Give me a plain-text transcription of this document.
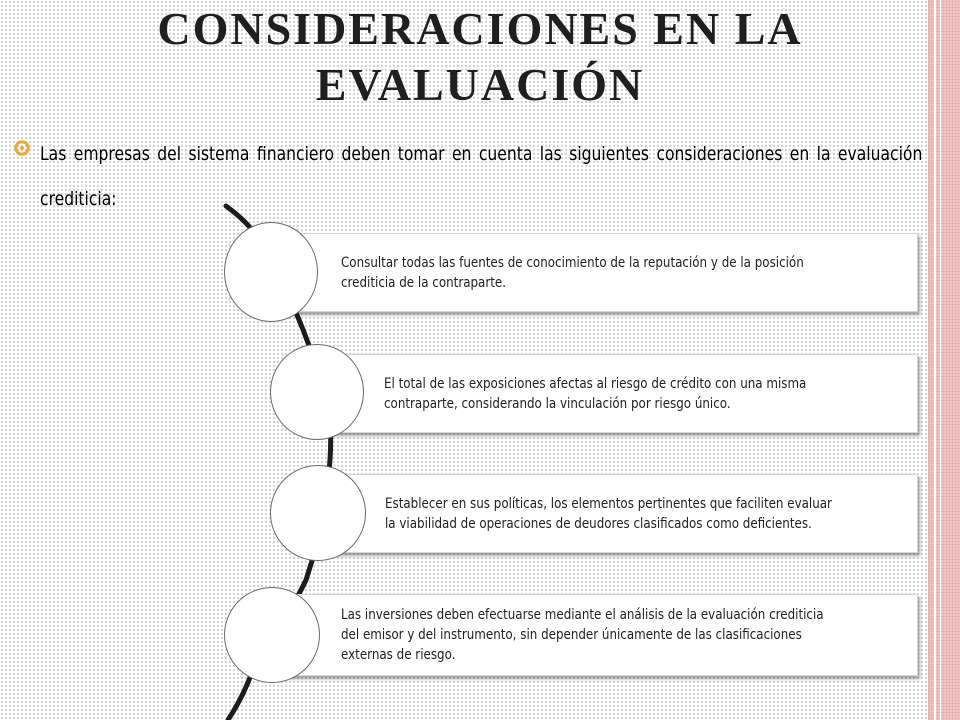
CONSIDERACIONES EN LA
EVALUACIÓN

Las empresas del sistema financiero deben tomar en cuenta las siguientes consideraciones en la evaluación crediticia:

Consultar todas las fuentes de conocimiento de la reputación y de la posición crediticia de la contraparte.
El total de las exposiciones afectas al riesgo de crédito con una misma contraparte, considerando la vinculación por riesgo único.
Establecer en sus políticas, los elementos pertinentes que faciliten evaluar la viabilidad de operaciones de deudores clasificados como deficientes.
Las inversiones deben efectuarse mediante el análisis de la evaluación crediticia del emisor y del instrumento, sin depender únicamente de las clasificaciones externas de riesgo.
